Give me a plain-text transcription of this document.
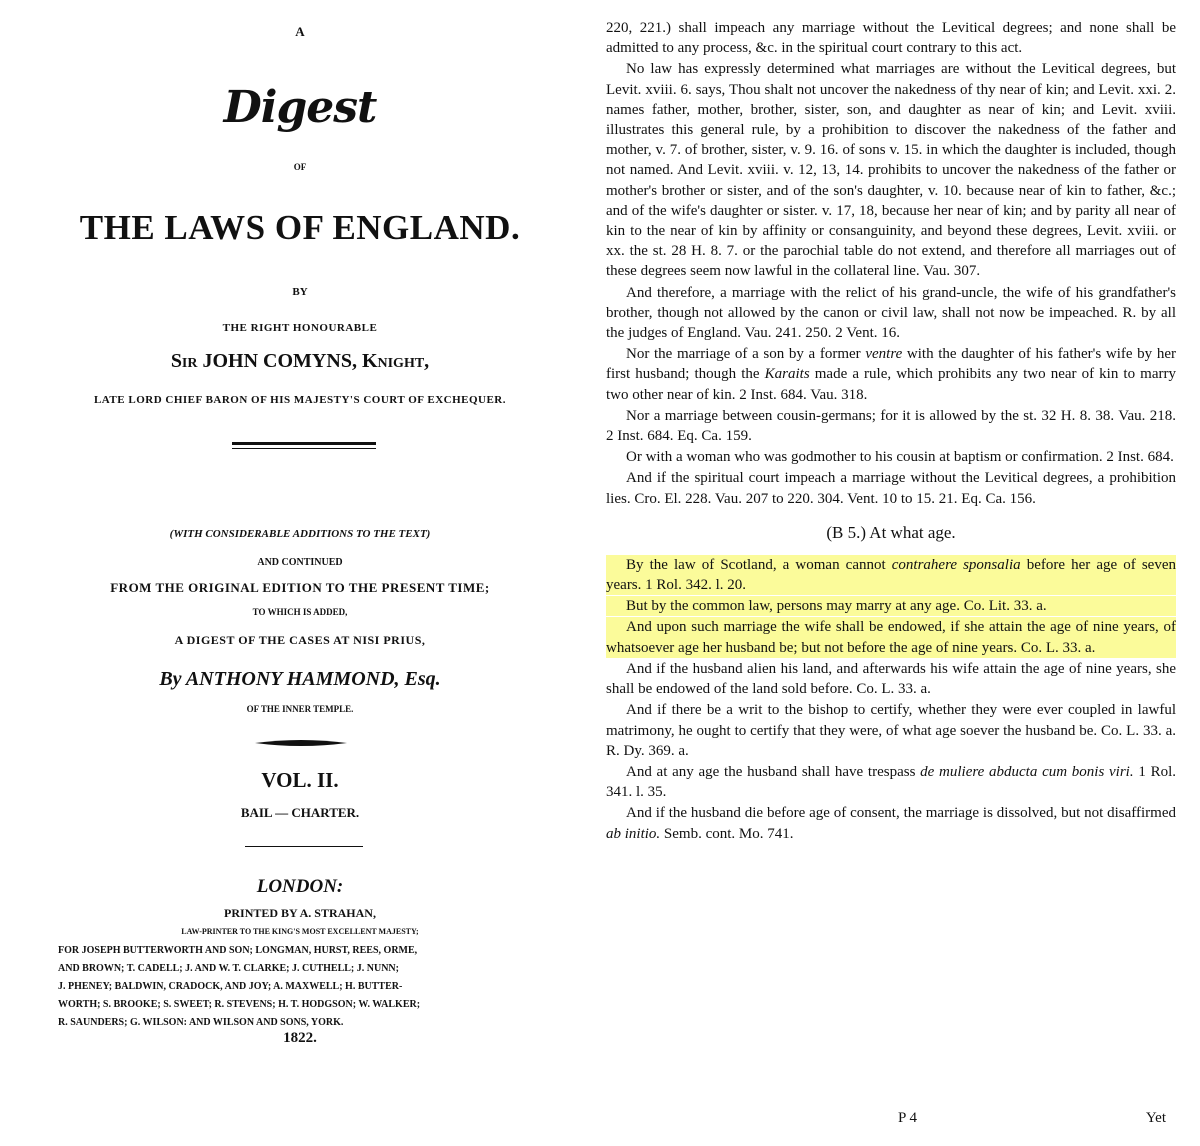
A
Digest
OF
THE LAWS OF ENGLAND.
BY
THE RIGHT HONOURABLE
Sir JOHN COMYNS, Knight,
LATE LORD CHIEF BARON OF HIS MAJESTY'S COURT OF EXCHEQUER.
(WITH CONSIDERABLE ADDITIONS TO THE TEXT)
AND CONTINUED
FROM THE ORIGINAL EDITION TO THE PRESENT TIME;
TO WHICH IS ADDED,
A DIGEST OF THE CASES AT NISI PRIUS,
By ANTHONY HAMMOND, Esq.
OF THE INNER TEMPLE.
VOL. II.
BAIL — CHARTER.
LONDON:
PRINTED BY A. STRAHAN,
LAW-PRINTER TO THE KING'S MOST EXCELLENT MAJESTY;
FOR JOSEPH BUTTERWORTH AND SON; LONGMAN, HURST, REES, ORME,
AND BROWN; T. CADELL; J. AND W. T. CLARKE; J. CUTHELL; J. NUNN;
J. PHENEY; BALDWIN, CRADOCK, AND JOY; A. MAXWELL; H. BUTTER-
WORTH; S. BROOKE; S. SWEET; R. STEVENS; H. T. HODGSON; W. WALKER;
R. SAUNDERS; G. WILSON: AND WILSON AND SONS, YORK.
1822.

220, 221.) shall impeach any marriage without the Levitical degrees; and none shall be admitted to any process, &c. in the spiritual court contrary to this act.

No law has expressly determined what marriages are without the Levitical degrees, but Levit. xviii. 6. says, Thou shalt not uncover the nakedness of thy near of kin; and Levit. xxi. 2. names father, mother, brother, sister, son, and daughter as near of kin; and Levit. xviii. illustrates this general rule, by a prohibition to discover the nakedness of the father and mother, v. 7. of brother, sister, v. 9. 16. of sons v. 15. in which the daughter is included, though not named. And Levit. xviii. v. 12, 13, 14. prohibits to uncover the nakedness of the father or mother's brother or sister, and of the son's daughter, v. 10. because near of kin to father, &c.; and of the wife's daughter or sister. v. 17, 18, because her near of kin; and by parity all near of kin to the near of kin by affinity or consanguinity, and beyond these degrees, Levit. xviii. or xx. the st. 28 H. 8. 7. or the parochial table do not extend, and therefore all marriages out of these degrees seem now lawful in the collateral line. Vau. 307.

And therefore, a marriage with the relict of his grand-uncle, the wife of his grandfather's brother, though not allowed by the canon or civil law, shall not now be impeached. R. by all the judges of England. Vau. 241. 250. 2 Vent. 16.

Nor the marriage of a son by a former ventre with the daughter of his father's wife by her first husband; though the Karaits made a rule, which prohibits any two near of kin to marry two other near of kin. 2 Inst. 684. Vau. 318.

Nor a marriage between cousin-germans; for it is allowed by the st. 32 H. 8. 38. Vau. 218. 2 Inst. 684. Eq. Ca. 159.

Or with a woman who was godmother to his cousin at baptism or confirmation. 2 Inst. 684.

And if the spiritual court impeach a marriage without the Levitical degrees, a prohibition lies. Cro. El. 228. Vau. 207 to 220. 304. Vent. 10 to 15. 21. Eq. Ca. 156.

(B 5.) At what age.

By the law of Scotland, a woman cannot contrahere sponsalia before her age of seven years. 1 Rol. 342. l. 20.

But by the common law, persons may marry at any age. Co. Lit. 33. a.

And upon such marriage the wife shall be endowed, if she attain the age of nine years, of whatsoever age her husband be; but not before the age of nine years. Co. L. 33. a.

And if the husband alien his land, and afterwards his wife attain the age of nine years, she shall be endowed of the land sold before. Co. L. 33. a.

And if there be a writ to the bishop to certify, whether they were ever coupled in lawful matrimony, he ought to certify that they were, of what age soever the husband be. Co. L. 33. a. R. Dy. 369. a.

And at any age the husband shall have trespass de muliere abducta cum bonis viri. 1 Rol. 341. l. 35.

And if the husband die before age of consent, the marriage is dissolved, but not disaffirmed ab initio. Semb. cont. Mo. 741.

P 4	Yet
